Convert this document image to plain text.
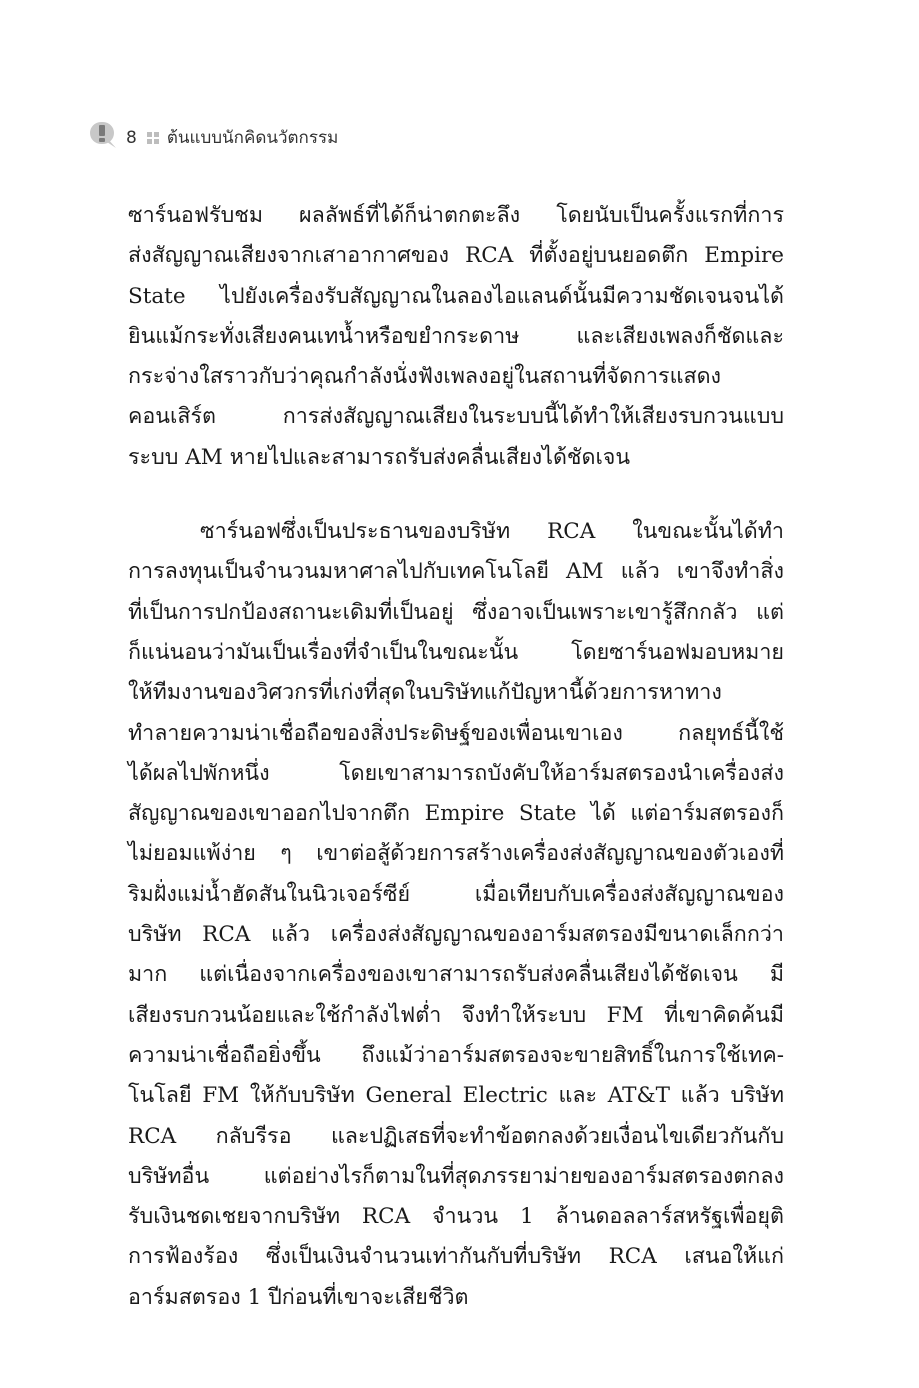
8 ต้นแบบนักคิดนวัตกรรม
ซาร์นอฟรับชม ผลลัพธ์ที่ได้ก็น่าตกตะลึง โดยนับเป็นครั้งแรกที่การ
ส่งสัญญาณเสียงจากเสาอากาศของ RCA ที่ตั้งอยู่บนยอดตึก Empire
State ไปยังเครื่องรับสัญญาณในลองไอแลนด์นั้นมีความชัดเจนจนได้
ยินแม้กระทั่งเสียงคนเทน้ำหรือขยำกระดาษ และเสียงเพลงก็ชัดและ
กระจ่างใสราวกับว่าคุณกำลังนั่งฟังเพลงอยู่ในสถานที่จัดการแสดง
คอนเสิร์ต การส่งสัญญาณเสียงในระบบนี้ได้ทำให้เสียงรบกวนแบบ
ระบบ AM หายไปและสามารถรับส่งคลื่นเสียงได้ชัดเจน
ซาร์นอฟซึ่งเป็นประธานของบริษัท RCA ในขณะนั้นได้ทำ
การลงทุนเป็นจำนวนมหาศาลไปกับเทคโนโลยี AM แล้ว เขาจึงทำสิ่ง
ที่เป็นการปกป้องสถานะเดิมที่เป็นอยู่ ซึ่งอาจเป็นเพราะเขารู้สึกกลัว แต่
ก็แน่นอนว่ามันเป็นเรื่องที่จำเป็นในขณะนั้น โดยซาร์นอฟมอบหมาย
ให้ทีมงานของวิศวกรที่เก่งที่สุดในบริษัทแก้ปัญหานี้ด้วยการหาทาง
ทำลายความน่าเชื่อถือของสิ่งประดิษฐ์ของเพื่อนเขาเอง กลยุทธ์นี้ใช้
ได้ผลไปพักหนึ่ง โดยเขาสามารถบังคับให้อาร์มสตรองนำเครื่องส่ง
สัญญาณของเขาออกไปจากตึก Empire State ได้ แต่อาร์มสตรองก็
ไม่ยอมแพ้ง่าย ๆ เขาต่อสู้ด้วยการสร้างเครื่องส่งสัญญาณของตัวเองที่
ริมฝั่งแม่น้ำฮัดสันในนิวเจอร์ซีย์ เมื่อเทียบกับเครื่องส่งสัญญาณของ
บริษัท RCA แล้ว เครื่องส่งสัญญาณของอาร์มสตรองมีขนาดเล็กกว่า
มาก แต่เนื่องจากเครื่องของเขาสามารถรับส่งคลื่นเสียงได้ชัดเจน มี
เสียงรบกวนน้อยและใช้กำลังไฟต่ำ จึงทำให้ระบบ FM ที่เขาคิดค้นมี
ความน่าเชื่อถือยิ่งขึ้น ถึงแม้ว่าอาร์มสตรองจะขายสิทธิ์ในการใช้เทค-
โนโลยี FM ให้กับบริษัท General Electric และ AT&T แล้ว บริษัท
RCA กลับรีรอ และปฏิเสธที่จะทำข้อตกลงด้วยเงื่อนไขเดียวกันกับ
บริษัทอื่น แต่อย่างไรก็ตามในที่สุดภรรยาม่ายของอาร์มสตรองตกลง
รับเงินชดเชยจากบริษัท RCA จำนวน 1 ล้านดอลลาร์สหรัฐเพื่อยุติ
การฟ้องร้อง ซึ่งเป็นเงินจำนวนเท่ากันกับที่บริษัท RCA เสนอให้แก่
อาร์มสตรอง 1 ปีก่อนที่เขาจะเสียชีวิต
